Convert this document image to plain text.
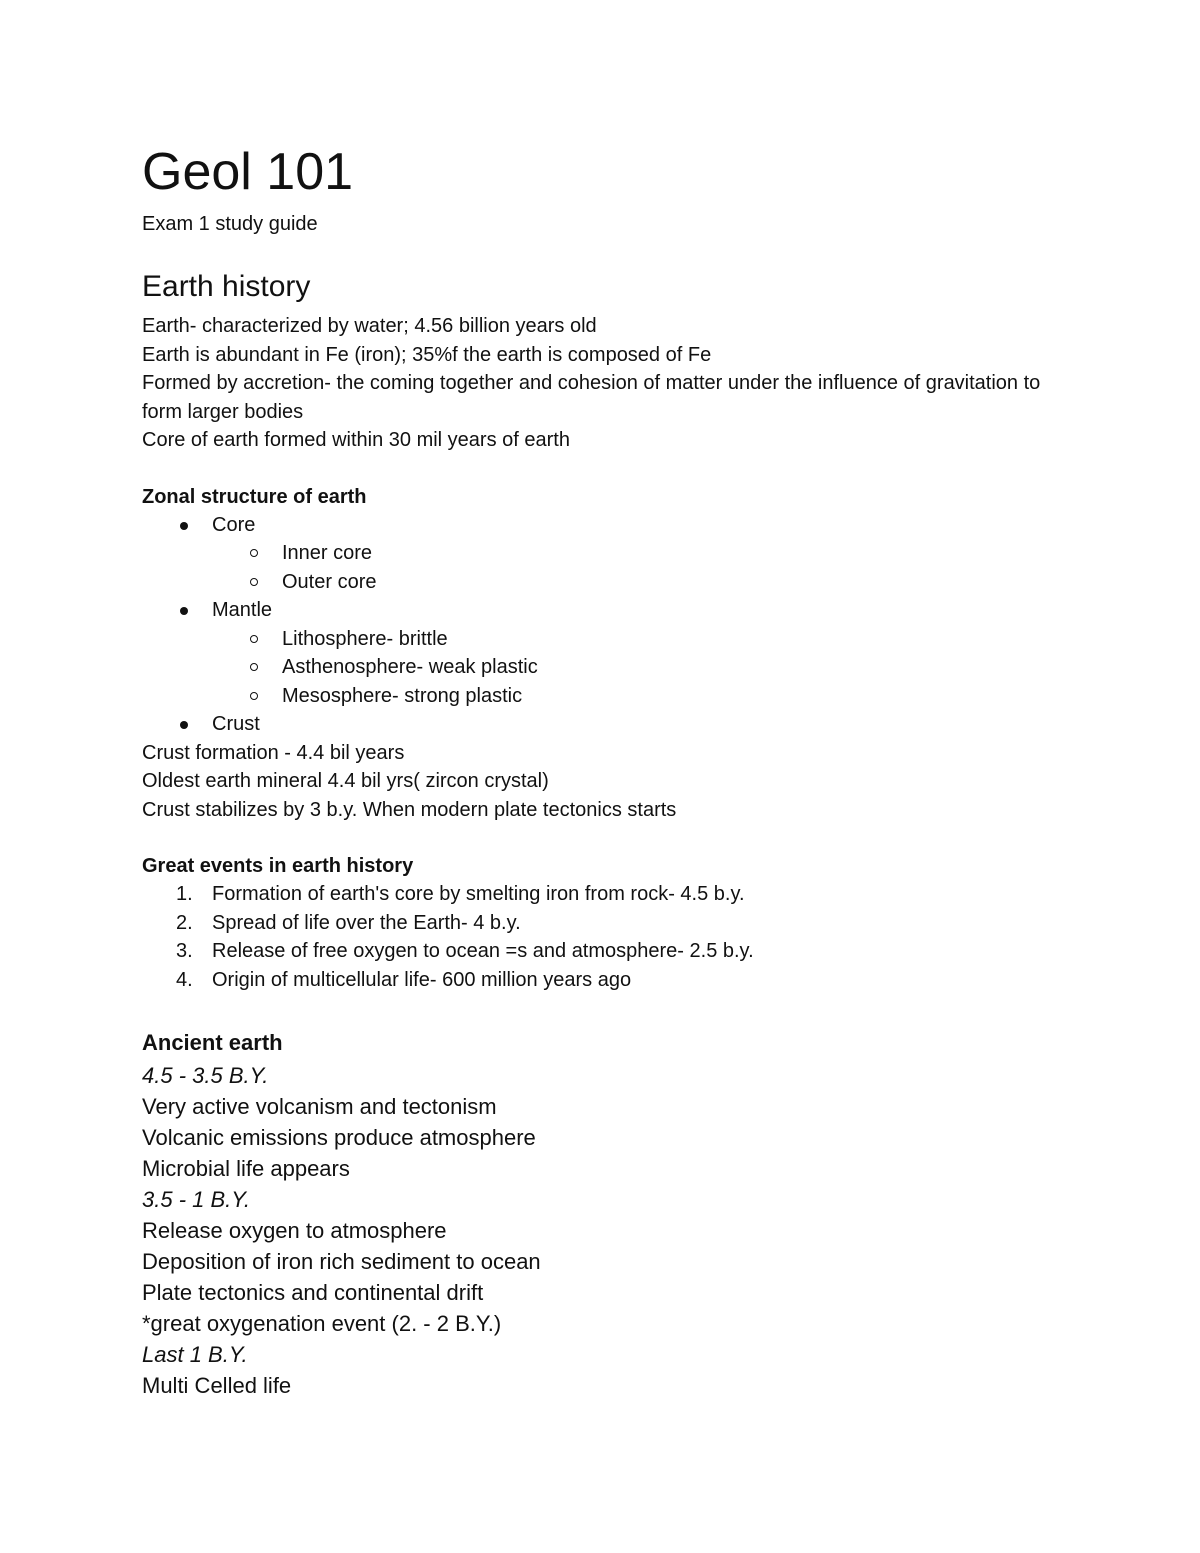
Geol 101

Exam 1 study guide

Earth history

Earth- characterized by water; 4.56 billion years old

Earth is abundant in Fe (iron); 35%f the earth is composed of Fe

Formed by accretion- the coming together and cohesion of matter under the influence of gravitation to form larger bodies

Core of earth formed within 30 mil years of earth

Zonal structure of earth

Core
Inner core
Outer core
Mantle
Lithosphere- brittle
Asthenosphere- weak plastic
Mesosphere- strong plastic
Crust

Crust formation - 4.4 bil years

Oldest earth mineral 4.4 bil yrs( zircon crystal)

Crust stabilizes by 3 b.y. When modern plate tectonics starts

Great events in earth history

1. Formation of earth's core by smelting iron from rock- 4.5 b.y.
2. Spread of life over the Earth- 4 b.y.
3. Release of free oxygen to ocean =s and atmosphere- 2.5 b.y.
4. Origin of multicellular life- 600 million years ago

Ancient earth

4.5 - 3.5 B.Y.

Very active volcanism and tectonism

Volcanic emissions produce atmosphere

Microbial life appears

3.5 - 1 B.Y.

Release oxygen to atmosphere

Deposition of iron rich sediment to ocean

Plate tectonics and continental drift

*great oxygenation event (2. - 2 B.Y.)

Last 1 B.Y.

Multi Celled life
